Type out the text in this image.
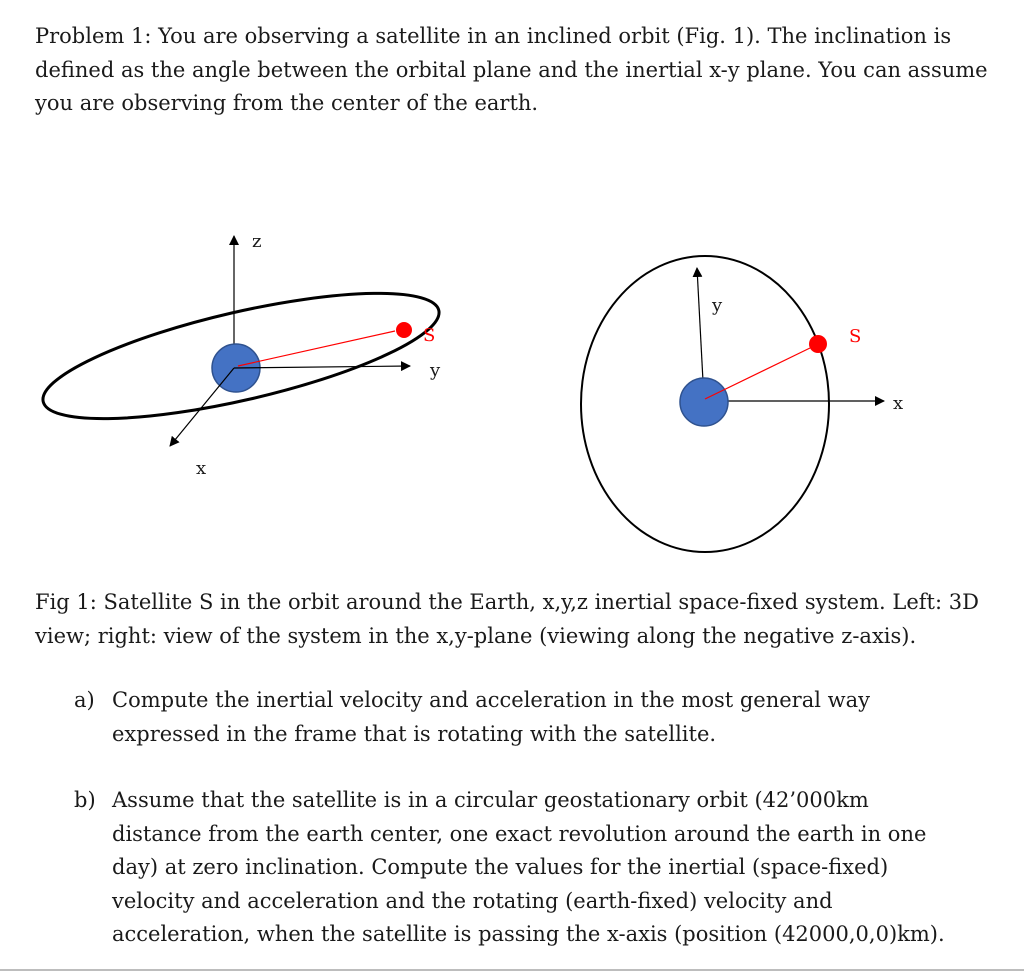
Problem 1: You are observing a satellite in an inclined orbit (Fig. 1). The inclination is defined as the angle between the orbital plane and the inertial x-y plane. You can assume you are observing from the center of the earth.

z
S
y
x
y
S
x

Fig 1: Satellite S in the orbit around the Earth, x,y,z inertial space-fixed system. Left: 3D view; right: view of the system in the x,y-plane (viewing along the negative z-axis).

a) Compute the inertial velocity and acceleration in the most general way expressed in the frame that is rotating with the satellite.
b) Assume that the satellite is in a circular geostationary orbit (42’000km distance from the earth center, one exact revolution around the earth in one day) at zero inclination. Compute the values for the inertial (space-fixed) velocity and acceleration and the rotating (earth-fixed) velocity and acceleration, when the satellite is passing the x-axis (position (42000,0,0)km).
